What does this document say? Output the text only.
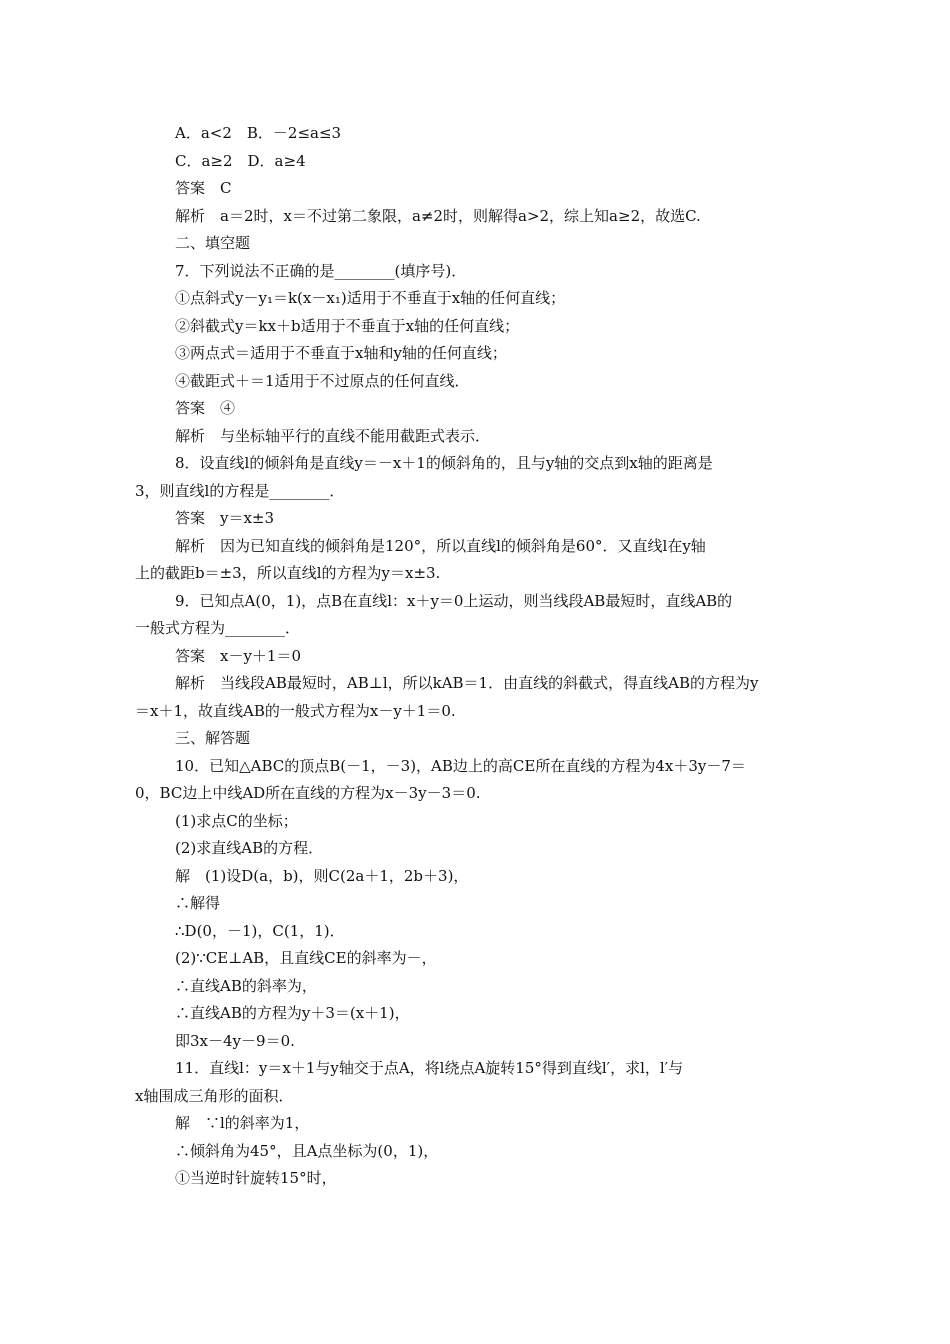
A．a<2　B．－2≤a≤3
C．a≥2　D．a≥4
答案　C
解析　a＝2时，x＝不过第二象限，a≠2时，则解得a>2，综上知a≥2，故选C.
二、填空题
7．下列说法不正确的是________(填序号)．
①点斜式y－y₁＝k(x－x₁)适用于不垂直于x轴的任何直线；
②斜截式y＝kx＋b适用于不垂直于x轴的任何直线；
③两点式＝适用于不垂直于x轴和y轴的任何直线；
④截距式＋＝1适用于不过原点的任何直线．
答案　④
解析　与坐标轴平行的直线不能用截距式表示．
8．设直线l的倾斜角是直线y＝－x＋1的倾斜角的，且与y轴的交点到x轴的距离是
3，则直线l的方程是________．
答案　y＝x±3
解析　因为已知直线的倾斜角是120°，所以直线l的倾斜角是60°．又直线l在y轴
上的截距b＝±3，所以直线l的方程为y＝x±3.
9．已知点A(0，1)，点B在直线l：x＋y＝0上运动，则当线段AB最短时，直线AB的
一般式方程为________．
答案　x－y＋1＝0
解析　当线段AB最短时，AB⊥l，所以kAB＝1．由直线的斜截式，得直线AB的方程为y
＝x＋1，故直线AB的一般式方程为x－y＋1＝0.
三、解答题
10．已知△ABC的顶点B(－1，－3)，AB边上的高CE所在直线的方程为4x＋3y－7＝
0，BC边上中线AD所在直线的方程为x－3y－3＝0.
(1)求点C的坐标；
(2)求直线AB的方程．
解　(1)设D(a，b)，则C(2a＋1，2b＋3)，
∴解得
∴D(0，－1)，C(1，1)．
(2)∵CE⊥AB，且直线CE的斜率为－，
∴直线AB的斜率为，
∴直线AB的方程为y＋3＝(x＋1)，
即3x－4y－9＝0.
11．直线l：y＝x＋1与y轴交于点A，将l绕点A旋转15°得到直线l′，求l，l′与
x轴围成三角形的面积．
解　∵l的斜率为1，
∴倾斜角为45°，且A点坐标为(0，1)，
①当逆时针旋转15°时，
